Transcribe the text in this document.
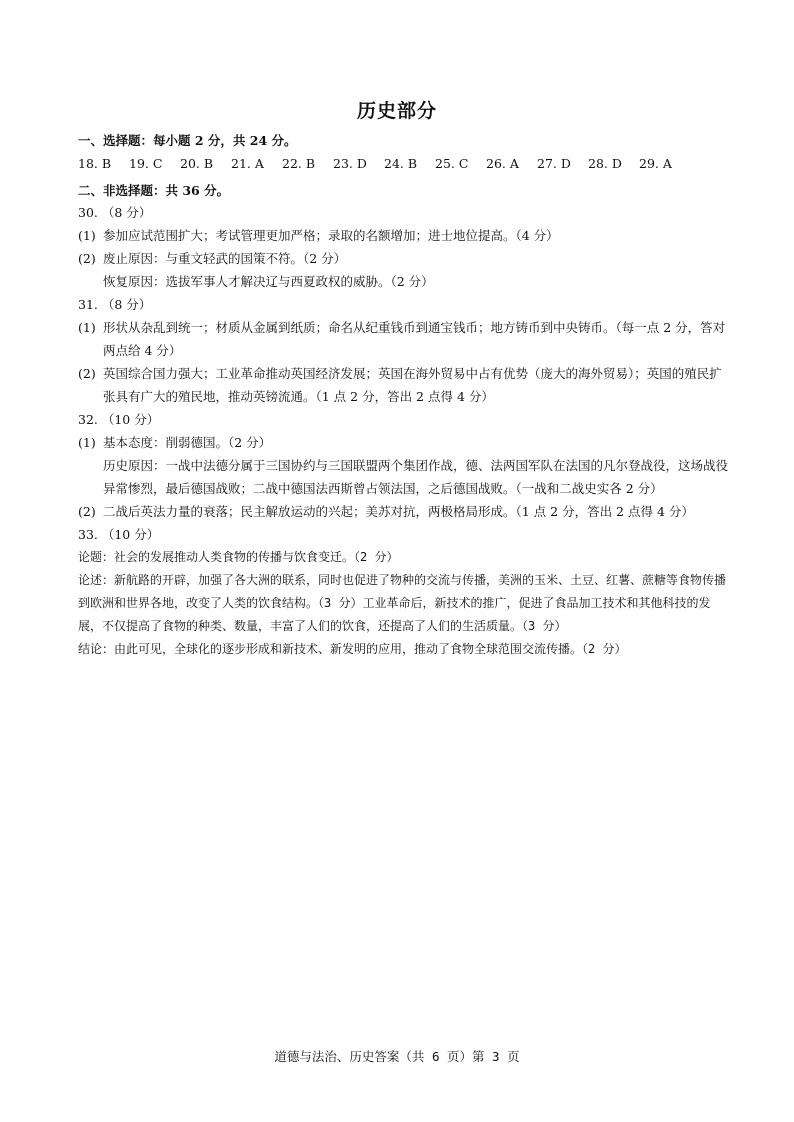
历史部分
一、选择题：每小题 2 分，共 24 分。
18. B	19. C	20. B	21. A	22. B	23. D	24. B	25. C	26. A	27. D	28. D	29. A
二、非选择题：共 36 分。
30. （8 分）
(1) 参加应试范围扩大；考试管理更加严格；录取的名额增加；进士地位提高。（4 分）
(2) 废止原因：与重文轻武的国策不符。（2 分）
恢复原因：选拔军事人才解决辽与西夏政权的威胁。（2 分）
31. （8 分）
(1) 形状从杂乱到统一；材质从金属到纸质；命名从纪重钱币到通宝钱币；地方铸币到中央铸币。（每一点 2 分，答对两点给 4 分）
(2) 英国综合国力强大；工业革命推动英国经济发展；英国在海外贸易中占有优势（庞大的海外贸易）；英国的殖民扩张具有广大的殖民地，推动英镑流通。（1 点 2 分，答出 2 点得 4 分）
32. （10 分）
(1) 基本态度：削弱德国。（2 分）
历史原因：一战中法德分属于三国协约与三国联盟两个集团作战，德、法两国军队在法国的凡尔登战役，这场战役异常惨烈，最后德国战败；二战中德国法西斯曾占领法国，之后德国战败。（一战和二战史实各 2 分）
(2) 二战后英法力量的衰落；民主解放运动的兴起；美苏对抗，两极格局形成。（1 点 2 分，答出 2 点得 4 分）
33. （10 分）
论题：社会的发展推动人类食物的传播与饮食变迁。（2 分）
论述：新航路的开辟，加强了各大洲的联系，同时也促进了物种的交流与传播，美洲的玉米、土豆、红薯、蔗糖等食物传播到欧洲和世界各地，改变了人类的饮食结构。（3 分）工业革命后，新技术的推广，促进了食品加工技术和其他科技的发展，不仅提高了食物的种类、数量，丰富了人们的饮食，还提高了人们的生活质量。（3 分）
结论：由此可见，全球化的逐步形成和新技术、新发明的应用，推动了食物全球范围交流传播。（2 分）
道德与法治、历史答案（共 6 页）第 3 页
